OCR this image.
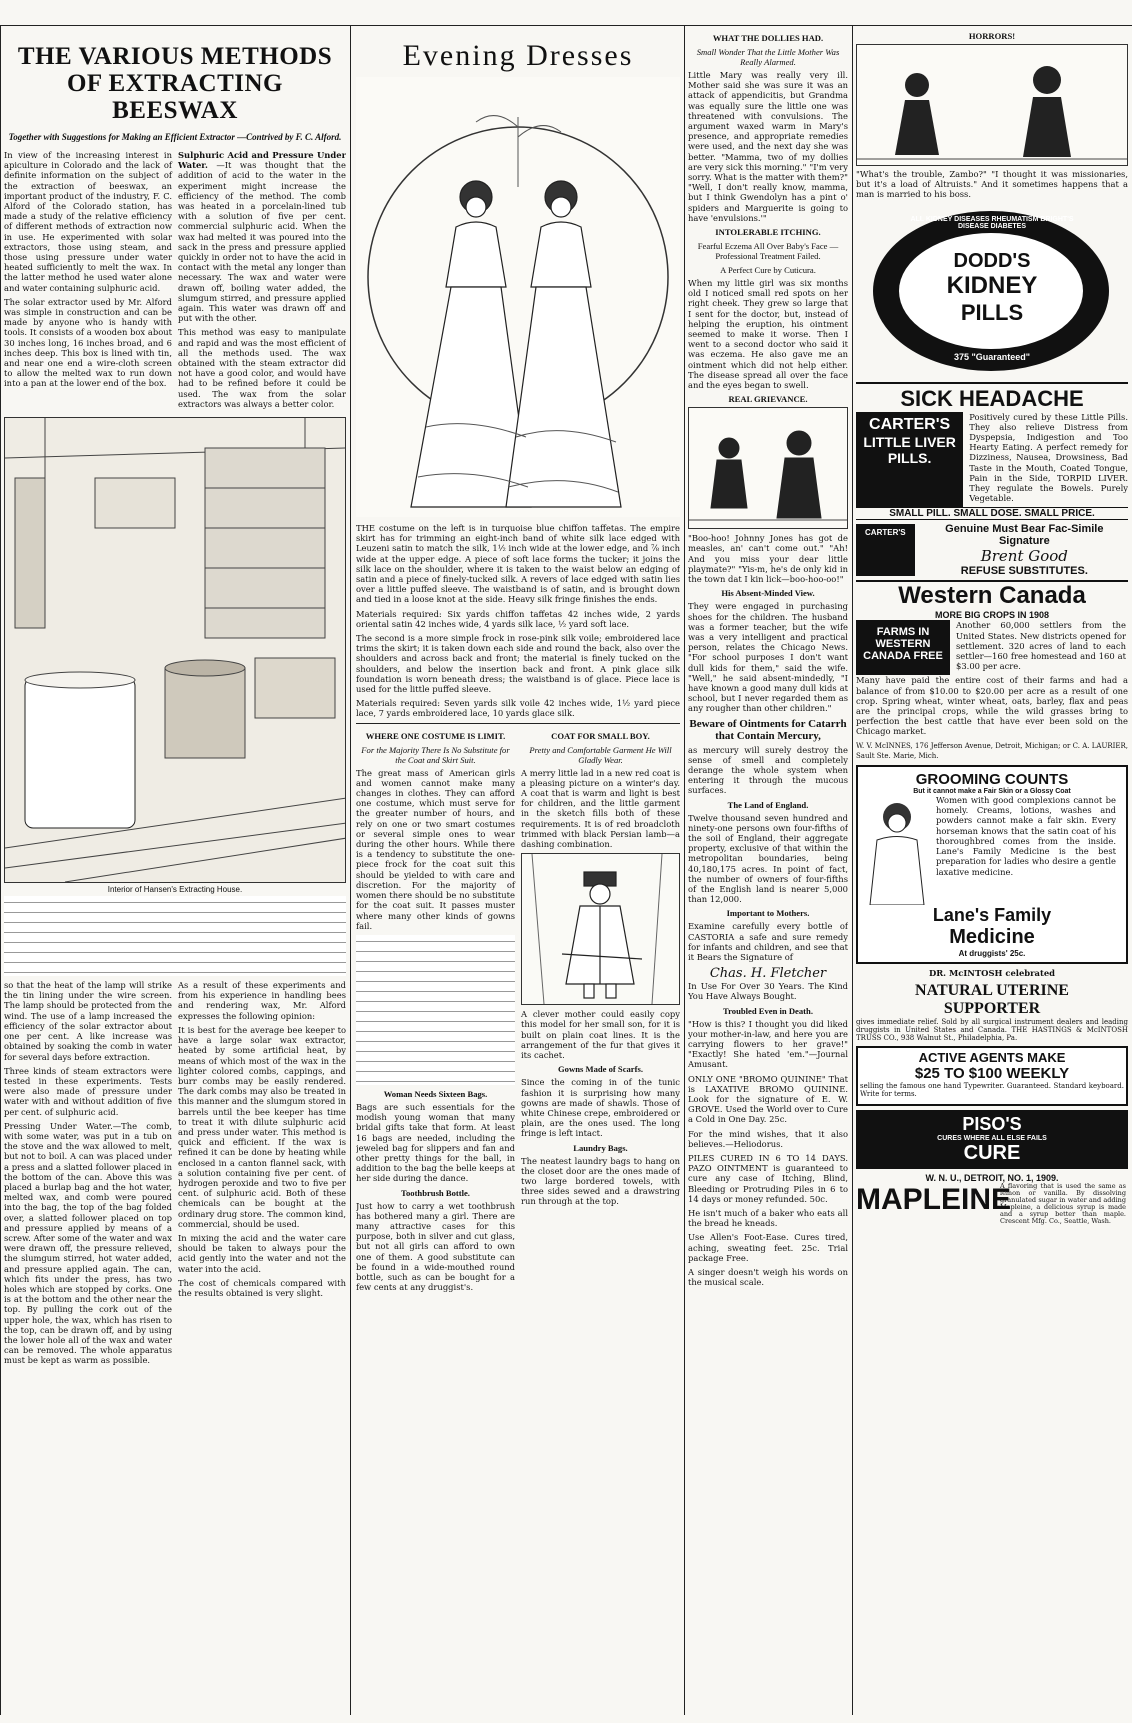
THE VARIOUS METHODS OF EXTRACTING BEESWAX
Together with Suggestions for Making an Efficient Extractor —Contrived by F. C. Alford.

In view of the increasing interest in apiculture in Colorado and the lack of definite information on the subject of the extraction of beeswax, an important product of the industry, F. C. Alford of the Colorado station, has made a study of the relative efficiency of different methods of extraction now in use. He experimented with solar extractors, those using steam, and those using pressure under water heated sufficiently to melt the wax. In the latter method he used water alone and water containing sulphuric acid.

The solar extractor used by Mr. Alford was simple in construction and can be made by anyone who is handy with tools. It consists of a wooden box about 30 inches long, 16 inches broad, and 6 inches deep. This box is lined with tin, and near one end a wire-cloth screen to allow the melted wax to run down into a pan at the lower end of the box.

Sulphuric Acid and Pressure Under Water. —It was thought that the addition of acid to the water in the experiment might increase the efficiency of the method. The comb was heated in a porcelain-lined tub with a solution of five per cent. commercial sulphuric acid. When the wax had melted it was poured into the sack in the press and pressure applied quickly in order not to have the acid in contact with the metal any longer than necessary. The wax and water were drawn off, boiling water added, the slumgum stirred, and pressure applied again. This water was drawn off and put with the other.

This method was easy to manipulate and rapid and was the most efficient of all the methods used. The wax obtained with the steam extractor did not have a good color, and would have had to be refined before it could be used. The wax from the solar extractors was always a better color.

Interior of Hansen's Extracting House.

so that the heat of the lamp will strike the tin lining under the wire screen. The lamp should be protected from the wind. The use of a lamp increased the efficiency of the solar extractor about one per cent. A like increase was obtained by soaking the comb in water for several days before extraction.

Three kinds of steam extractors were tested in these experiments. Tests were also made of pressure under water with and without addition of five per cent. of sulphuric acid.

Pressing Under Water.—The comb, with some water, was put in a tub on the stove and the wax allowed to melt, but not to boil. A can was placed under a press and a slatted follower placed in the bottom of the can. Above this was placed a burlap bag and the hot water, melted wax, and comb were poured into the bag, the top of the bag folded over, a slatted follower placed on top and pressure applied by means of a screw. After some of the water and wax were drawn off, the pressure relieved, the slumgum stirred, hot water added, and pressure applied again. The can, which fits under the press, has two holes which are stopped by corks. One is at the bottom and the other near the top. By pulling the cork out of the upper hole, the wax, which has risen to the top, can be drawn off, and by using the lower hole all of the wax and water can be removed. The whole apparatus must be kept as warm as possible.

As a result of these experiments and from his experience in handling bees and rendering wax, Mr. Alford expresses the following opinion:

It is best for the average bee keeper to have a large solar wax extractor, heated by some artificial heat, by means of which most of the wax in the lighter colored combs, cappings, and burr combs may be easily rendered. The dark combs may also be treated in this manner and the slumgum stored in barrels until the bee keeper has time to treat it with dilute sulphuric acid and press under water. This method is quick and efficient. If the wax is refined it can be done by heating while enclosed in a canton flannel sack, with a solution containing five per cent. of hydrogen peroxide and two to five per cent. of sulphuric acid. Both of these chemicals can be bought at the ordinary drug store. The common kind, commercial, should be used.

In mixing the acid and the water care should be taken to always pour the acid gently into the water and not the water into the acid.

The cost of chemicals compared with the results obtained is very slight.

Evening Dresses

THE costume on the left is in turquoise blue chiffon taffetas. The empire skirt has for trimming an eight-inch band of white silk lace edged with Leuzeni satin to match the silk, 1½ inch wide at the lower edge, and ⅞ inch wide at the upper edge. A piece of soft lace forms the tucker; it joins the silk lace on the shoulder, where it is taken to the waist below an edging of satin and a piece of finely-tucked silk. A revers of lace edged with satin lies over a little puffed sleeve. The waistband is of satin, and is brought down and tied in a loose knot at the side. Heavy silk fringe finishes the ends.

Materials required: Six yards chiffon taffetas 42 inches wide, 2 yards oriental satin 42 inches wide, 4 yards silk lace, ½ yard soft lace.

The second is a more simple frock in rose-pink silk voile; embroidered lace trims the skirt; it is taken down each side and round the back, also over the shoulders and across back and front; the material is finely tucked on the shoulders, and below the insertion back and front. A pink glace silk foundation is worn beneath dress; the waistband is of glace. Piece lace is used for the little puffed sleeve.

Materials required: Seven yards silk voile 42 inches wide, 1½ yard piece lace, 7 yards embroidered lace, 10 yards glace silk.

WHERE ONE COSTUME IS LIMIT.
For the Majority There Is No Substitute for the Coat and Skirt Suit.

The great mass of American girls and women cannot make many changes in clothes. They can afford one costume, which must serve for the greater number of hours, and rely on one or two smart costumes or several simple ones to wear during the other hours. While there is a tendency to substitute the one-piece frock for the coat suit this should be yielded to with care and discretion. For the majority of women there should be no substitute for the coat suit. It passes muster where many other kinds of gowns fail.

Woman Needs Sixteen Bags.

Bags are such essentials for the modish young woman that many bridal gifts take that form. At least 16 bags are needed, including the jeweled bag for slippers and fan and other pretty things for the ball, in addition to the bag the belle keeps at her side during the dance.

Toothbrush Bottle.

Just how to carry a wet toothbrush has bothered many a girl. There are many attractive cases for this purpose, both in silver and cut glass, but not all girls can afford to own one of them. A good substitute can be found in a wide-mouthed round bottle, such as can be bought for a few cents at any druggist's.

COAT FOR SMALL BOY.
Pretty and Comfortable Garment He Will Gladly Wear.

A merry little lad in a new red coat is a pleasing picture on a winter's day. A coat that is warm and light is best for children, and the little garment in the sketch fills both of these requirements. It is of red broadcloth trimmed with black Persian lamb—a dashing combination.

A clever mother could easily copy this model for her small son, for it is built on plain coat lines. It is the arrangement of the fur that gives it its cachet.

Gowns Made of Scarfs.

Since the coming in of the tunic fashion it is surprising how many gowns are made of shawls. Those of white Chinese crepe, embroidered or plain, are the ones used. The long fringe is left intact.

Laundry Bags.

The neatest laundry bags to hang on the closet door are the ones made of two large bordered towels, with three sides sewed and a drawstring run through at the top.

WHAT THE DOLLIES HAD.
Small Wonder That the Little Mother Was Really Alarmed.

Little Mary was really very ill. Mother said she was sure it was an attack of appendicitis, but Grandma was equally sure the little one was threatened with convulsions. The argument waxed warm in Mary's presence, and appropriate remedies were used, and the next day she was better. "Mamma, two of my dollies are very sick this morning." "I'm very sorry. What is the matter with them?" "Well, I don't really know, mamma, but I think Gwendolyn has a pint o' spiders and Marguerite is going to have 'envulsions.'"

INTOLERABLE ITCHING.
Fearful Eczema All Over Baby's Face —Professional Treatment Failed.
A Perfect Cure by Cuticura.

When my little girl was six months old I noticed small red spots on her right cheek. They grew so large that I sent for the doctor, but, instead of helping the eruption, his ointment seemed to make it worse. Then I went to a second doctor who said it was eczema. He also gave me an ointment which did not help either. The disease spread all over the face and the eyes began to swell.

REAL GRIEVANCE.

"Boo-hoo! Johnny Jones has got de measles, an' can't come out." "Ah! And you miss your dear little playmate?" "Yis-m, he's de only kid in the town dat I kin lick—boo-hoo-oo!"

His Absent-Minded View.

They were engaged in purchasing shoes for the children. The husband was a former teacher, but the wife was a very intelligent and practical person, relates the Chicago News. "For school purposes I don't want dull kids for them," said the wife. "Well," he said absent-mindedly, "I have known a good many dull kids at school, but I never regarded them as any rougher than other children."

Beware of Ointments for Catarrh that Contain Mercury,

as mercury will surely destroy the sense of smell and completely derange the whole system when entering it through the mucous surfaces.

The Land of England.

Twelve thousand seven hundred and ninety-one persons own four-fifths of the soil of England, their aggregate property, exclusive of that within the metropolitan boundaries, being 40,180,175 acres. In point of fact, the number of owners of four-fifths of the English land is nearer 5,000 than 12,000.

Important to Mothers.

Examine carefully every bottle of CASTORIA a safe and sure remedy for infants and children, and see that it Bears the Signature of

Chas. H. Fletcher

In Use For Over 30 Years. The Kind You Have Always Bought.

Troubled Even in Death.

"How is this? I thought you did liked your mother-in-law, and here you are carrying flowers to her grave!" "Exactly! She hated 'em."—Journal Amusant.

ONLY ONE "BROMO QUININE" That is LAXATIVE BROMO QUININE. Look for the signature of E. W. GROVE. Used the World over to Cure a Cold in One Day. 25c.

For the mind wishes, that it also believes.—Heliodorus.

PILES CURED IN 6 TO 14 DAYS. PAZO OINTMENT is guaranteed to cure any case of Itching, Blind, Bleeding or Protruding Piles in 6 to 14 days or money refunded. 50c.

He isn't much of a baker who eats all the bread he kneads.

Use Allen's Foot-Ease. Cures tired, aching, sweating feet. 25c. Trial package Free.

A singer doesn't weigh his words on the musical scale.

HORRORS!

"What's the trouble, Zambo?" "I thought it was missionaries, but it's a load of Altruists." And it sometimes happens that a man is married to his boss.

DODD'S
KIDNEY
PILLS
ALL KIDNEY DISEASES RHEUMATISM BRIGHT'S DISEASE DIABETES
375 "Guaranteed"
SICK HEADACHE
CARTER'S
LITTLE LIVER PILLS.

Positively cured by these Little Pills. They also relieve Distress from Dyspepsia, Indigestion and Too Hearty Eating. A perfect remedy for Dizziness, Nausea, Drowsiness, Bad Taste in the Mouth, Coated Tongue, Pain in the Side, TORPID LIVER. They regulate the Bowels. Purely Vegetable.

SMALL PILL. SMALL DOSE. SMALL PRICE.
CARTER'S	Genuine Must Bear Fac-Simile Signature
Brent Good
REFUSE SUBSTITUTES.
Western Canada
MORE BIG CROPS IN 1908
FARMS IN WESTERN CANADA FREE

Another 60,000 settlers from the United States. New districts opened for settlement. 320 acres of land to each settler—160 free homestead and 160 at $3.00 per acre.

Many have paid the entire cost of their farms and had a balance of from $10.00 to $20.00 per acre as a result of one crop. Spring wheat, winter wheat, oats, barley, flax and peas are the principal crops, while the wild grasses bring to perfection the best cattle that have ever been sold on the Chicago market.

W. V. McINNES, 176 Jefferson Avenue, Detroit, Michigan; or C. A. LAURIER, Sault Ste. Marie, Mich.

GROOMING COUNTS
But it cannot make a Fair Skin or a Glossy Coat

Women with good complexions cannot be homely. Creams, lotions, washes and powders cannot make a fair skin. Every horseman knows that the satin coat of his thoroughbred comes from the inside. Lane's Family Medicine is the best preparation for ladies who desire a gentle laxative medicine.

Lane's Family
Medicine
At druggists' 25c.
DR. McINTOSH celebrated
NATURAL UTERINE
SUPPORTER

gives immediate relief. Sold by all surgical instrument dealers and leading druggists in United States and Canada. THE HASTINGS & McINTOSH TRUSS CO., 938 Walnut St., Philadelphia, Pa.

ACTIVE AGENTS MAKE
$25 TO $100 WEEKLY

selling the famous one hand Typewriter. Guaranteed. Standard keyboard. Write for terms.

PISO'S
CURES WHERE ALL ELSE FAILS
CURE
W. N. U., DETROIT, NO. 1, 1909.
MAPLEINE

A flavoring that is used the same as lemon or vanilla. By dissolving granulated sugar in water and adding Mapleine, a delicious syrup is made and a syrup better than maple. Crescent Mfg. Co., Seattle, Wash.
